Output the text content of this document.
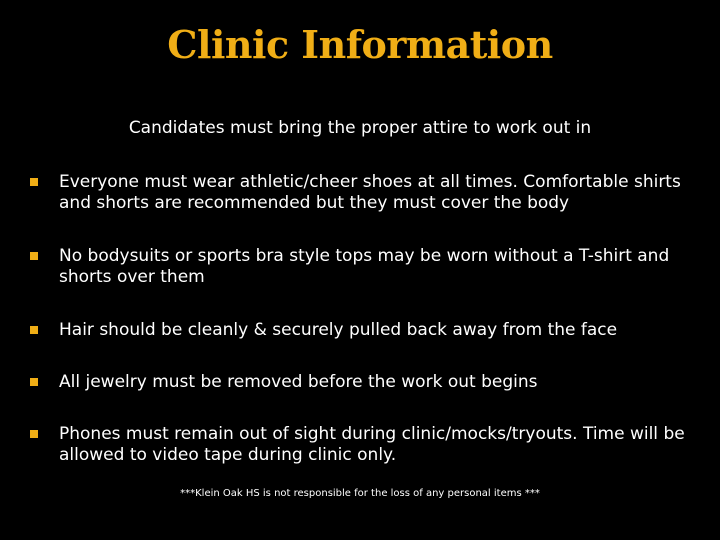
Clinic Information
Candidates must bring the proper attire to work out in
Everyone must wear athletic/cheer shoes at all times. Comfortable shirts and shorts are recommended but they must cover the body
No bodysuits or sports bra style tops may be worn without a T-shirt and shorts over them
Hair should be cleanly & securely pulled back away from the face
All jewelry must be removed before the work out begins
Phones must remain out of sight during clinic/mocks/tryouts. Time will be allowed to video tape during clinic only.
***Klein Oak HS is not responsible for the loss of any personal items ***
